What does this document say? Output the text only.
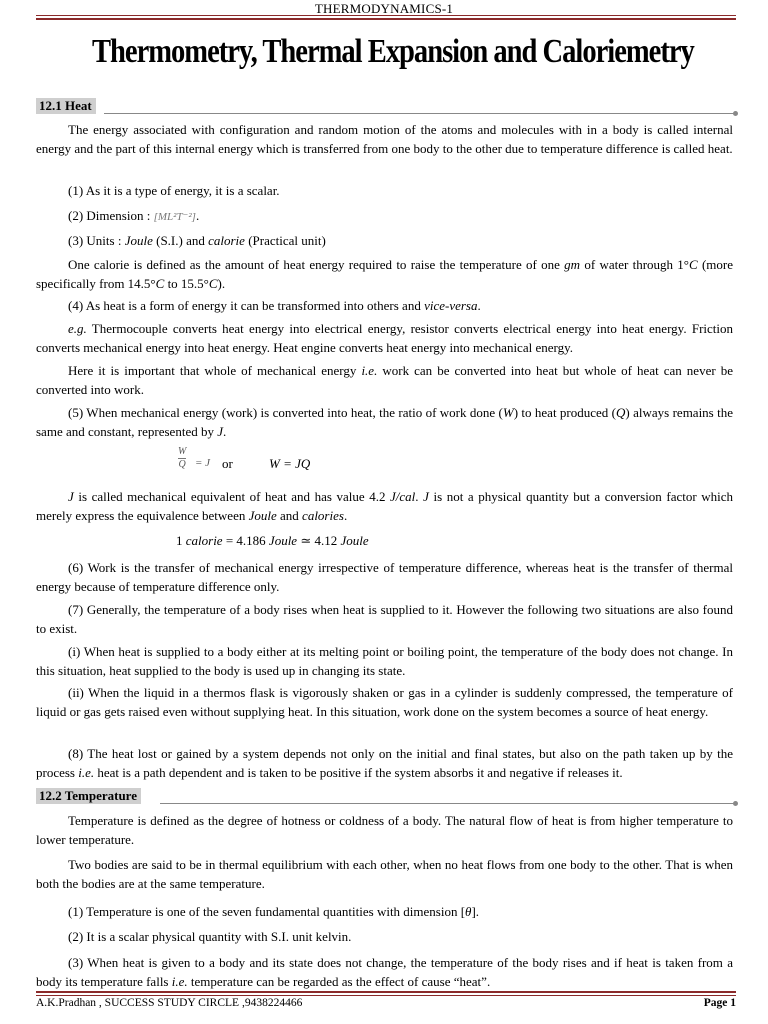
THERMODYNAMICS-1
Thermometry, Thermal Expansion and Caloriemetry
12.1 Heat
The energy associated with configuration and random motion of the atoms and molecules with in a body is called internal energy and the part of this internal energy which is transferred from one body to the other due to temperature difference is called heat.
(1) As it is a type of energy, it is a scalar.
(2) Dimension : [ML²T⁻²].
(3) Units : Joule (S.I.) and calorie (Practical unit)
One calorie is defined as the amount of heat energy required to raise the temperature of one gm of water through 1°C (more specifically from 14.5°C to 15.5°C).
(4) As heat is a form of energy it can be transformed into others and vice-versa.
e.g. Thermocouple converts heat energy into electrical energy, resistor converts electrical energy into heat energy. Friction converts mechanical energy into heat energy. Heat engine converts heat energy into mechanical energy.
Here it is important that whole of mechanical energy i.e. work can be converted into heat but whole of heat can never be converted into work.
(5) When mechanical energy (work) is converted into heat, the ratio of work done (W) to heat produced (Q) always remains the same and constant, represented by J.
$\frac{W}{Q} = J$ or	W = JQ
J is called mechanical equivalent of heat and has value 4.2 J/cal. J is not a physical quantity but a conversion factor which merely express the equivalence between Joule and calories.
1 calorie = 4.186 Joule ≃ 4.12 Joule
(6) Work is the transfer of mechanical energy irrespective of temperature difference, whereas heat is the transfer of thermal energy because of temperature difference only.
(7) Generally, the temperature of a body rises when heat is supplied to it. However the following two situations are also found to exist.
(i) When heat is supplied to a body either at its melting point or boiling point, the temperature of the body does not change. In this situation, heat supplied to the body is used up in changing its state.
(ii) When the liquid in a thermos flask is vigorously shaken or gas in a cylinder is suddenly compressed, the temperature of liquid or gas gets raised even without supplying heat. In this situation, work done on the system becomes a source of heat energy.
(8) The heat lost or gained by a system depends not only on the initial and final states, but also on the path taken up by the process i.e. heat is a path dependent and is taken to be positive if the system absorbs it and negative if releases it.
12.2 Temperature
Temperature is defined as the degree of hotness or coldness of a body. The natural flow of heat is from higher temperature to lower temperature.
Two bodies are said to be in thermal equilibrium with each other, when no heat flows from one body to the other. That is when both the bodies are at the same temperature.
(1) Temperature is one of the seven fundamental quantities with dimension [θ].
(2) It is a scalar physical quantity with S.I. unit kelvin.
(3) When heat is given to a body and its state does not change, the temperature of the body rises and if heat is taken from a body its temperature falls i.e. temperature can be regarded as the effect of cause “heat”.
A.K.Pradhan , SUCCESS STUDY CIRCLE ,9438224466	Page 1
